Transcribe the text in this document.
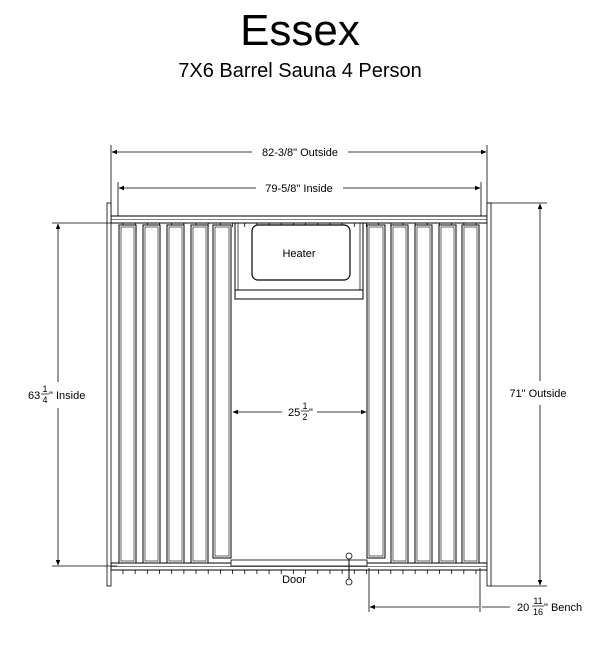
Essex
7X6 Barrel Sauna 4 Person
82-3/8" Outside
79-5/8" Inside
Heater
25
1
2 "
63
1
4 " Inside	71" Outside
Door
20
11
16 " Bench
